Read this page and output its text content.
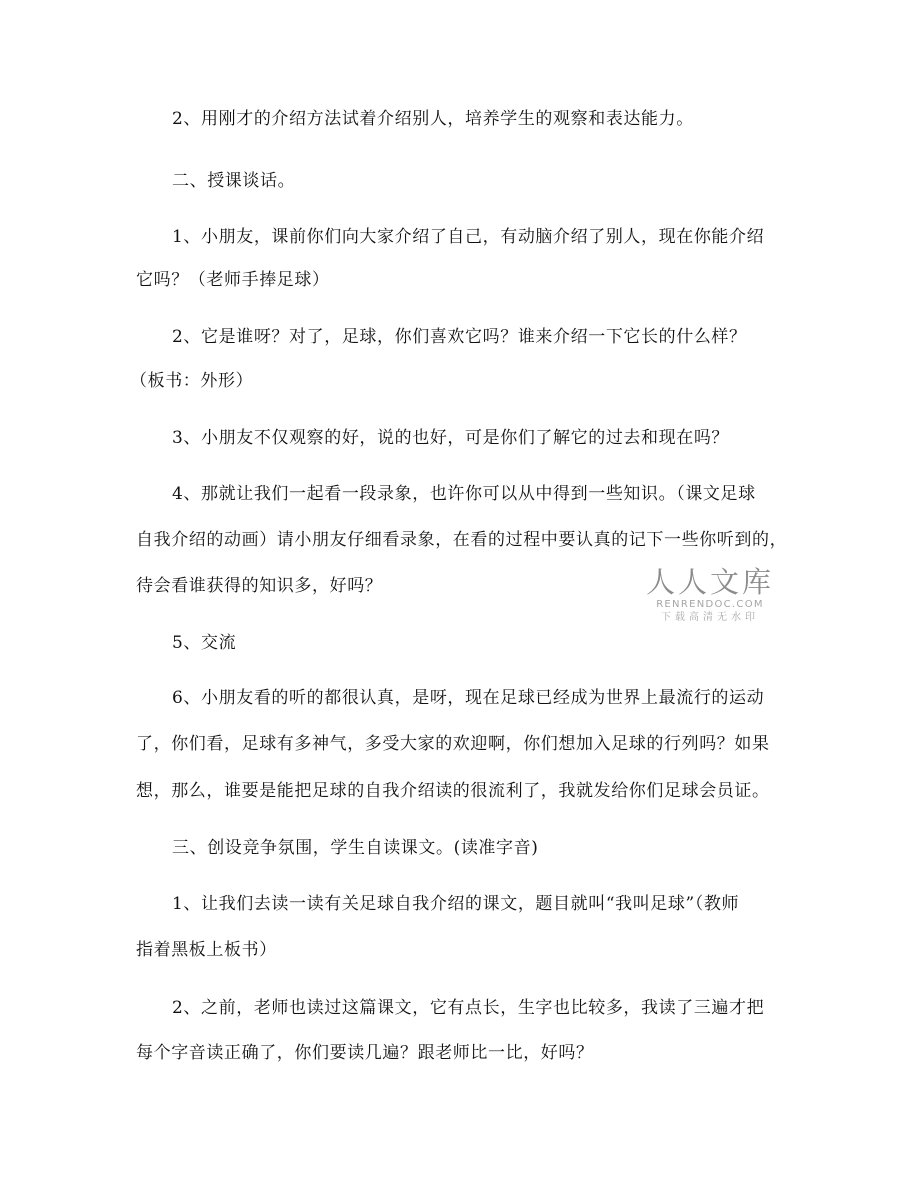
2、用刚才的介绍方法试着介绍别人，培养学生的观察和表达能力。
二、授课谈话。
1、小朋友，课前你们向大家介绍了自己，有动脑介绍了别人，现在你能介绍
它吗？（老师手捧足球）
2、它是谁呀？对了，足球，你们喜欢它吗？谁来介绍一下它长的什么样？
（板书：外形）
3、小朋友不仅观察的好，说的也好，可是你们了解它的过去和现在吗？
4、那就让我们一起看一段录象，也许你可以从中得到一些知识。（课文足球
自我介绍的动画）请小朋友仔细看录象，在看的过程中要认真的记下一些你听到的，
待会看谁获得的知识多，好吗？
5、交流
6、小朋友看的听的都很认真，是呀，现在足球已经成为世界上最流行的运动
了，你们看，足球有多神气，多受大家的欢迎啊，你们想加入足球的行列吗？如果
想，那么，谁要是能把足球的自我介绍读的很流利了，我就发给你们足球会员证。
三、创设竞争氛围，学生自读课文。(读准字音)
1、让我们去读一读有关足球自我介绍的课文，题目就叫“我叫足球”（教师
指着黑板上板书）
2、之前，老师也读过这篇课文，它有点长，生字也比较多，我读了三遍才把
每个字音读正确了，你们要读几遍？跟老师比一比，好吗？
人人文库
RENRENDOC.COM
下载高清无水印
